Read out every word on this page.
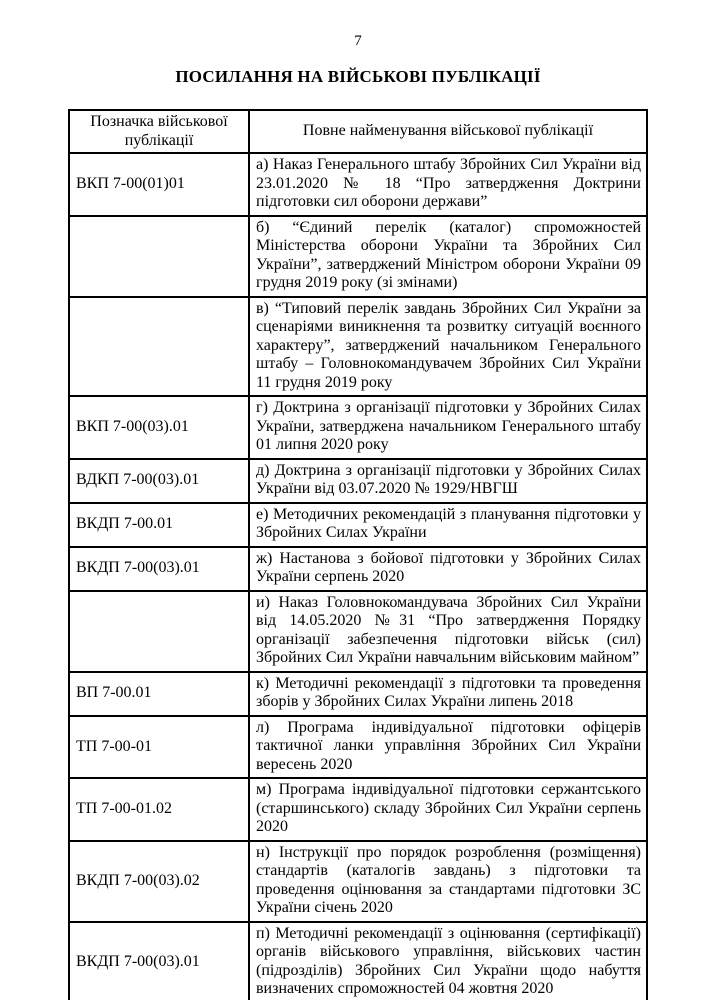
7
ПОСИЛАННЯ НА ВІЙСЬКОВІ ПУБЛІКАЦІЇ
Позначка військової публікації	Повне найменування військової публікації
ВКП 7-00(01)01	а) Наказ Генерального штабу Збройних Сил України від 23.01.2020 № 18 “Про затвердження Доктрини підготовки сил оборони держави”
	б) “Єдиний перелік (каталог) спроможностей Міністерства оборони України та Збройних Сил України”, затверджений Міністром оборони України 09 грудня 2019 року (зі змінами)
	в) “Типовий перелік завдань Збройних Сил України за сценаріями виникнення та розвитку ситуацій воєнного характеру”, затверджений начальником Генерального штабу – Головнокомандувачем Збройних Сил України 11 грудня 2019 року
ВКП 7-00(03).01	г) Доктрина з організації підготовки у Збройних Силах України, затверджена начальником Генерального штабу 01 липня 2020 року
ВДКП 7-00(03).01	д) Доктрина з організації підготовки у Збройних Силах України від 03.07.2020 № 1929/НВГШ
ВКДП 7-00.01	е) Методичних рекомендацій з планування підготовки у Збройних Силах України
ВКДП 7-00(03).01	ж) Настанова з бойової підготовки у Збройних Силах України серпень 2020
	и) Наказ Головнокомандувача Збройних Сил України від 14.05.2020 №31 “Про затвердження Порядку організації забезпечення підготовки військ (сил) Збройних Сил України навчальним військовим майном”
ВП 7-00.01	к) Методичні рекомендації з підготовки та проведення зборів у Збройних Силах України липень 2018
ТП 7-00-01	л) Програма індивідуальної підготовки офіцерів тактичної ланки управління Збройних Сил України вересень 2020
ТП 7-00-01.02	м) Програма індивідуальної підготовки сержантського (старшинського) складу Збройних Сил України серпень 2020
ВКДП 7-00(03).02	н) Інструкції про порядок розроблення (розміщення) стандартів (каталогів завдань) з підготовки та проведення оцінювання за стандартами підготовки ЗС України січень 2020
ВКДП 7-00(03).01	п) Методичні рекомендації з оцінювання (сертифікації) органів військового управління, військових частин (підрозділів) Збройних Сил України щодо набуття визначених спроможностей 04 жовтня 2020
